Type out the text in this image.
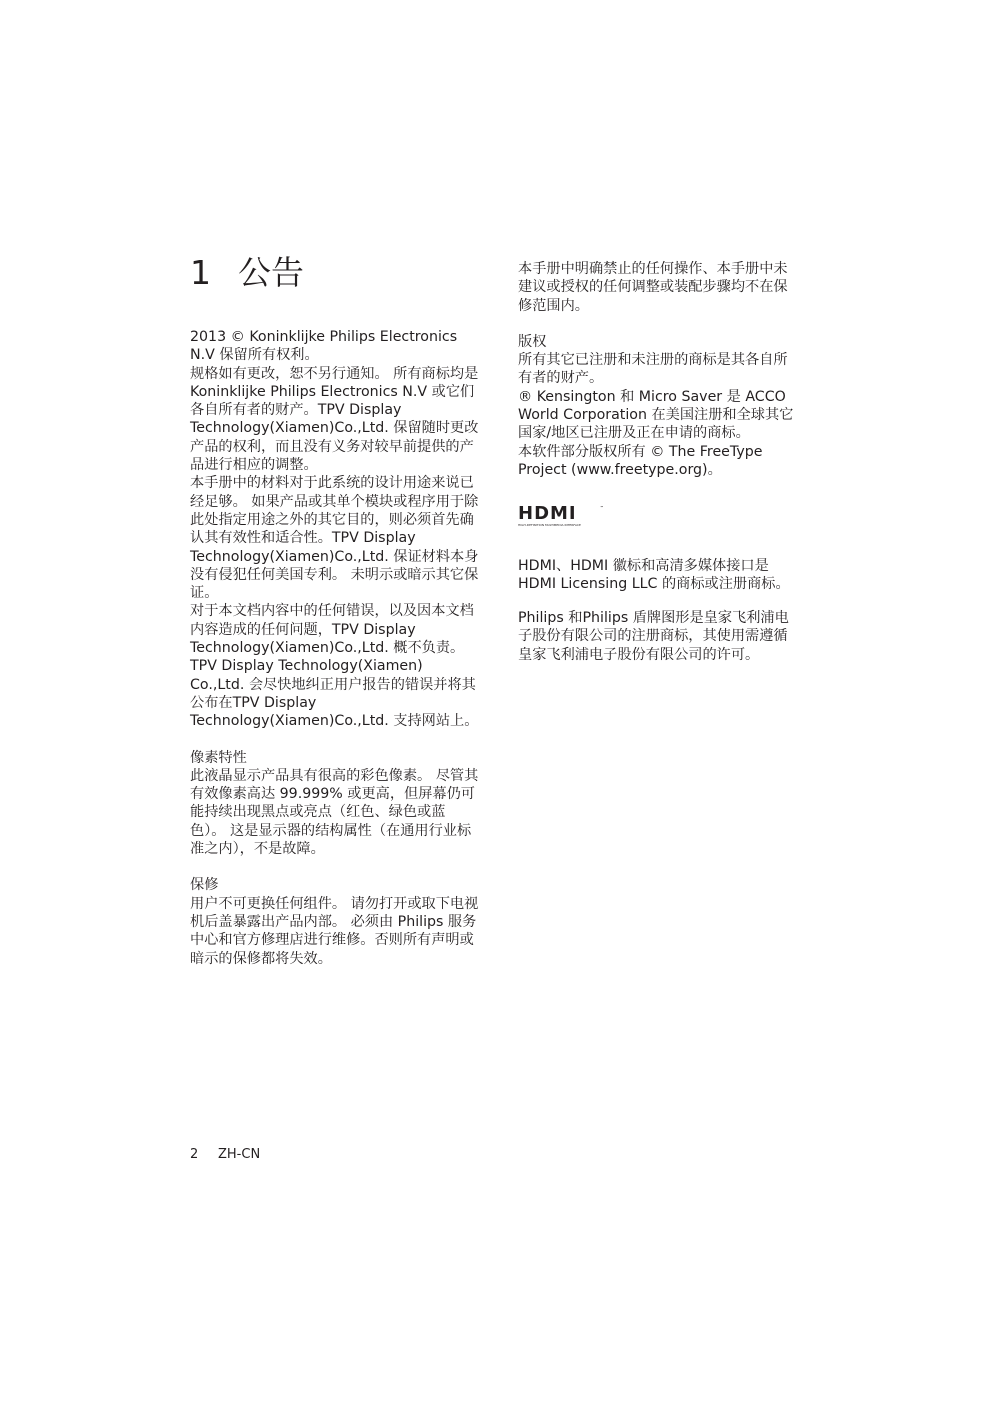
1 公告

2013 © Koninklijke Philips Electronics N.V 保留所有权利。

规格如有更改，恕不另行通知。 所有商标均是Koninklijke Philips Electronics N.V 或它们各自所有者的财产。TPV Display Technology(Xiamen)Co.,Ltd. 保留随时更改产品的权利，而且没有义务对较早前提供的产品进行相应的调整。

本手册中的材料对于此系统的设计用途来说已经足够。 如果产品或其单个模块或程序用于除此处指定用途之外的其它目的，则必须首先确认其有效性和适合性。TPV Display Technology(Xiamen)Co.,Ltd. 保证材料本身没有侵犯任何美国专利。 未明示或暗示其它保证。

对于本文档内容中的任何错误，以及因本文档内容造成的任何问题，TPV Display Technology(Xiamen)Co.,Ltd. 概不负责。TPV Display Technology(Xiamen) Co.,Ltd. 会尽快地纠正用户报告的错误并将其公布在TPV Display Technology(Xiamen)Co.,Ltd. 支持网站上。

像素特性

此液晶显示产品具有很高的彩色像素。 尽管其有效像素高达 99.999% 或更高，但屏幕仍可能持续出现黑点或亮点（红色、绿色或蓝色）。 这是显示器的结构属性（在通用行业标准之内），不是故障。

保修

用户不可更换任何组件。 请勿打开或取下电视机后盖暴露出产品内部。 必须由 Philips 服务中心和官方修理店进行维修。否则所有声明或暗示的保修都将失效。

本手册中明确禁止的任何操作、本手册中未建议或授权的任何调整或装配步骤均不在保修范围内。

版权

所有其它已注册和未注册的商标是其各自所有者的财产。

® Kensington 和 Micro Saver 是 ACCO World Corporation 在美国注册和全球其它国家/地区已注册及正在申请的商标。

本软件部分版权所有 © The FreeType Project (www.freetype.org)。

HDMI	™
HIGH-DEFINITION MULTIMEDIA INTERFACE

HDMI、HDMI 徽标和高清多媒体接口是 HDMI Licensing LLC 的商标或注册商标。

Philips 和Philips 盾牌图形是皇家飞利浦电子股份有限公司的注册商标，其使用需遵循皇家飞利浦电子股份有限公司的许可。

2 ZH-CN
